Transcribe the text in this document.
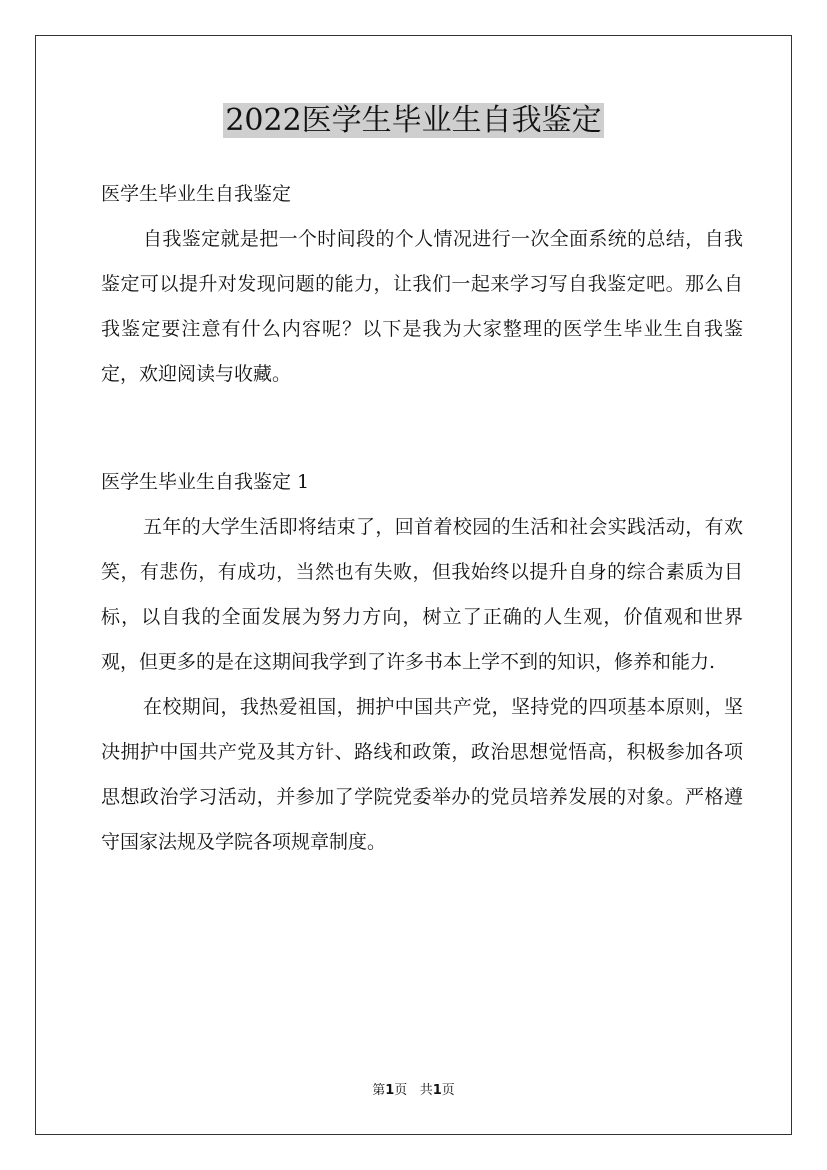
2022医学生毕业生自我鉴定

医学生毕业生自我鉴定

自我鉴定就是把一个时间段的个人情况进行一次全面系统的总结，自我鉴定可以提升对发现问题的能力，让我们一起来学习写自我鉴定吧。那么自我鉴定要注意有什么内容呢？以下是我为大家整理的医学生毕业生自我鉴定，欢迎阅读与收藏。

医学生毕业生自我鉴定 1

五年的大学生活即将结束了，回首着校园的生活和社会实践活动，有欢笑，有悲伤，有成功，当然也有失败，但我始终以提升自身的综合素质为目标，以自我的全面发展为努力方向，树立了正确的人生观，价值观和世界观，但更多的是在这期间我学到了许多书本上学不到的知识，修养和能力.

在校期间，我热爱祖国，拥护中国共产党，坚持党的四项基本原则，坚决拥护中国共产党及其方针、路线和政策，政治思想觉悟高，积极参加各项思想政治学习活动，并参加了学院党委举办的党员培养发展的对象。严格遵守国家法规及学院各项规章制度。

第1页 共1页
